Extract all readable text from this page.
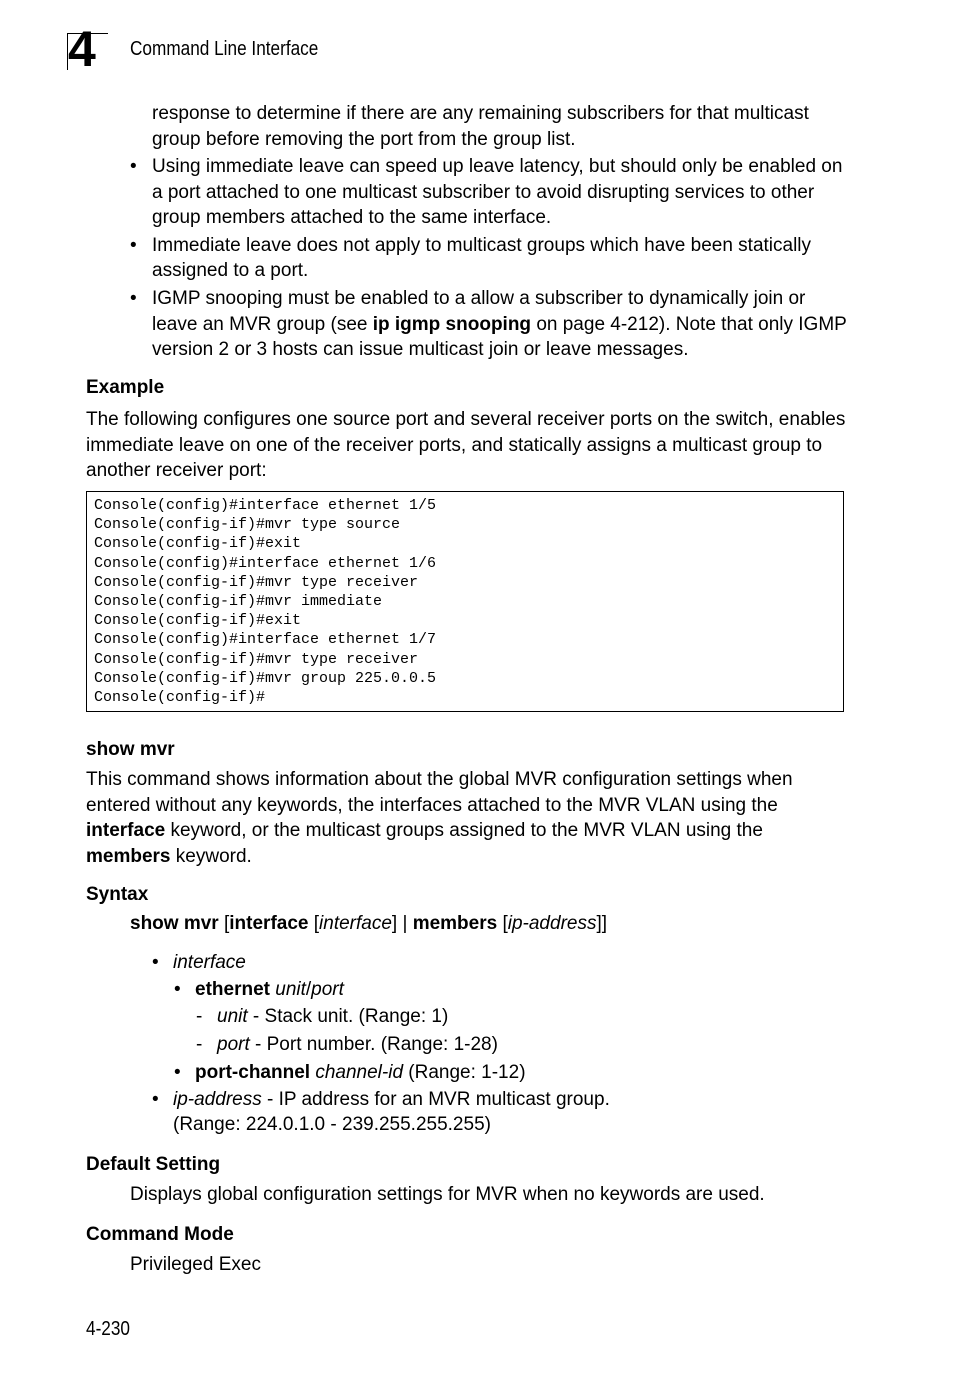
4 Command Line Interface
response to determine if there are any remaining subscribers for that multicast group before removing the port from the group list.
• Using immediate leave can speed up leave latency, but should only be enabled on a port attached to one multicast subscriber to avoid disrupting services to other group members attached to the same interface.
• Immediate leave does not apply to multicast groups which have been statically assigned to a port.
• IGMP snooping must be enabled to a allow a subscriber to dynamically join or leave an MVR group (see ip igmp snooping on page 4-212). Note that only IGMP version 2 or 3 hosts can issue multicast join or leave messages.
Example
The following configures one source port and several receiver ports on the switch, enables immediate leave on one of the receiver ports, and statically assigns a multicast group to another receiver port:
Console(config)#interface ethernet 1/5
Console(config-if)#mvr type source
Console(config-if)#exit
Console(config)#interface ethernet 1/6
Console(config-if)#mvr type receiver
Console(config-if)#mvr immediate
Console(config-if)#exit
Console(config)#interface ethernet 1/7
Console(config-if)#mvr type receiver
Console(config-if)#mvr group 225.0.0.5
Console(config-if)#
show mvr
This command shows information about the global MVR configuration settings when entered without any keywords, the interfaces attached to the MVR VLAN using the interface keyword, or the multicast groups assigned to the MVR VLAN using the members keyword.
Syntax
show mvr [interface [interface] | members [ip-address]]
• interface
• ethernet unit/port
- unit - Stack unit. (Range: 1)
- port - Port number. (Range: 1-28)
• port-channel channel-id (Range: 1-12)
• ip-address - IP address for an MVR multicast group.
(Range: 224.0.1.0 - 239.255.255.255)
Default Setting
Displays global configuration settings for MVR when no keywords are used.
Command Mode
Privileged Exec
4-230
